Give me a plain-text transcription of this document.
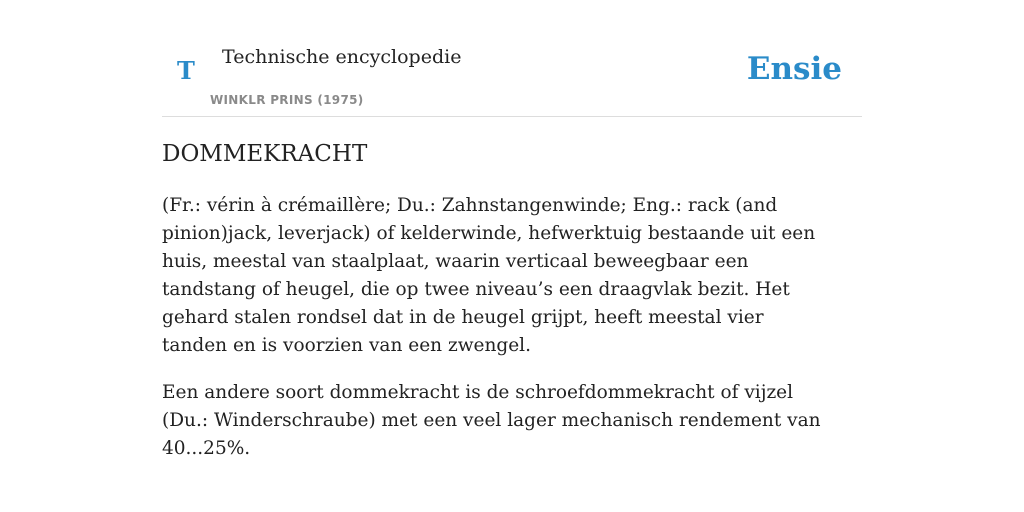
T Technische encyclopedie
WINKLR PRINS (1975)
Ensie
DOMMEKRACHT

(Fr.: vérin à crémaillère; Du.: Zahnstangenwinde; Eng.: rack (and pinion)jack, leverjack) of kelderwinde, hefwerktuig bestaande uit een huis, meestal van staalplaat, waarin verticaal beweegbaar een tandstang of heugel, die op twee niveau’s een draagvlak bezit. Het gehard stalen rondsel dat in de heugel grijpt, heeft meestal vier tanden en is voorzien van een zwengel.

Een andere soort dommekracht is de schroefdommekracht of vijzel (Du.: Winderschraube) met een veel lager mechanisch rendement van 40...25%.
